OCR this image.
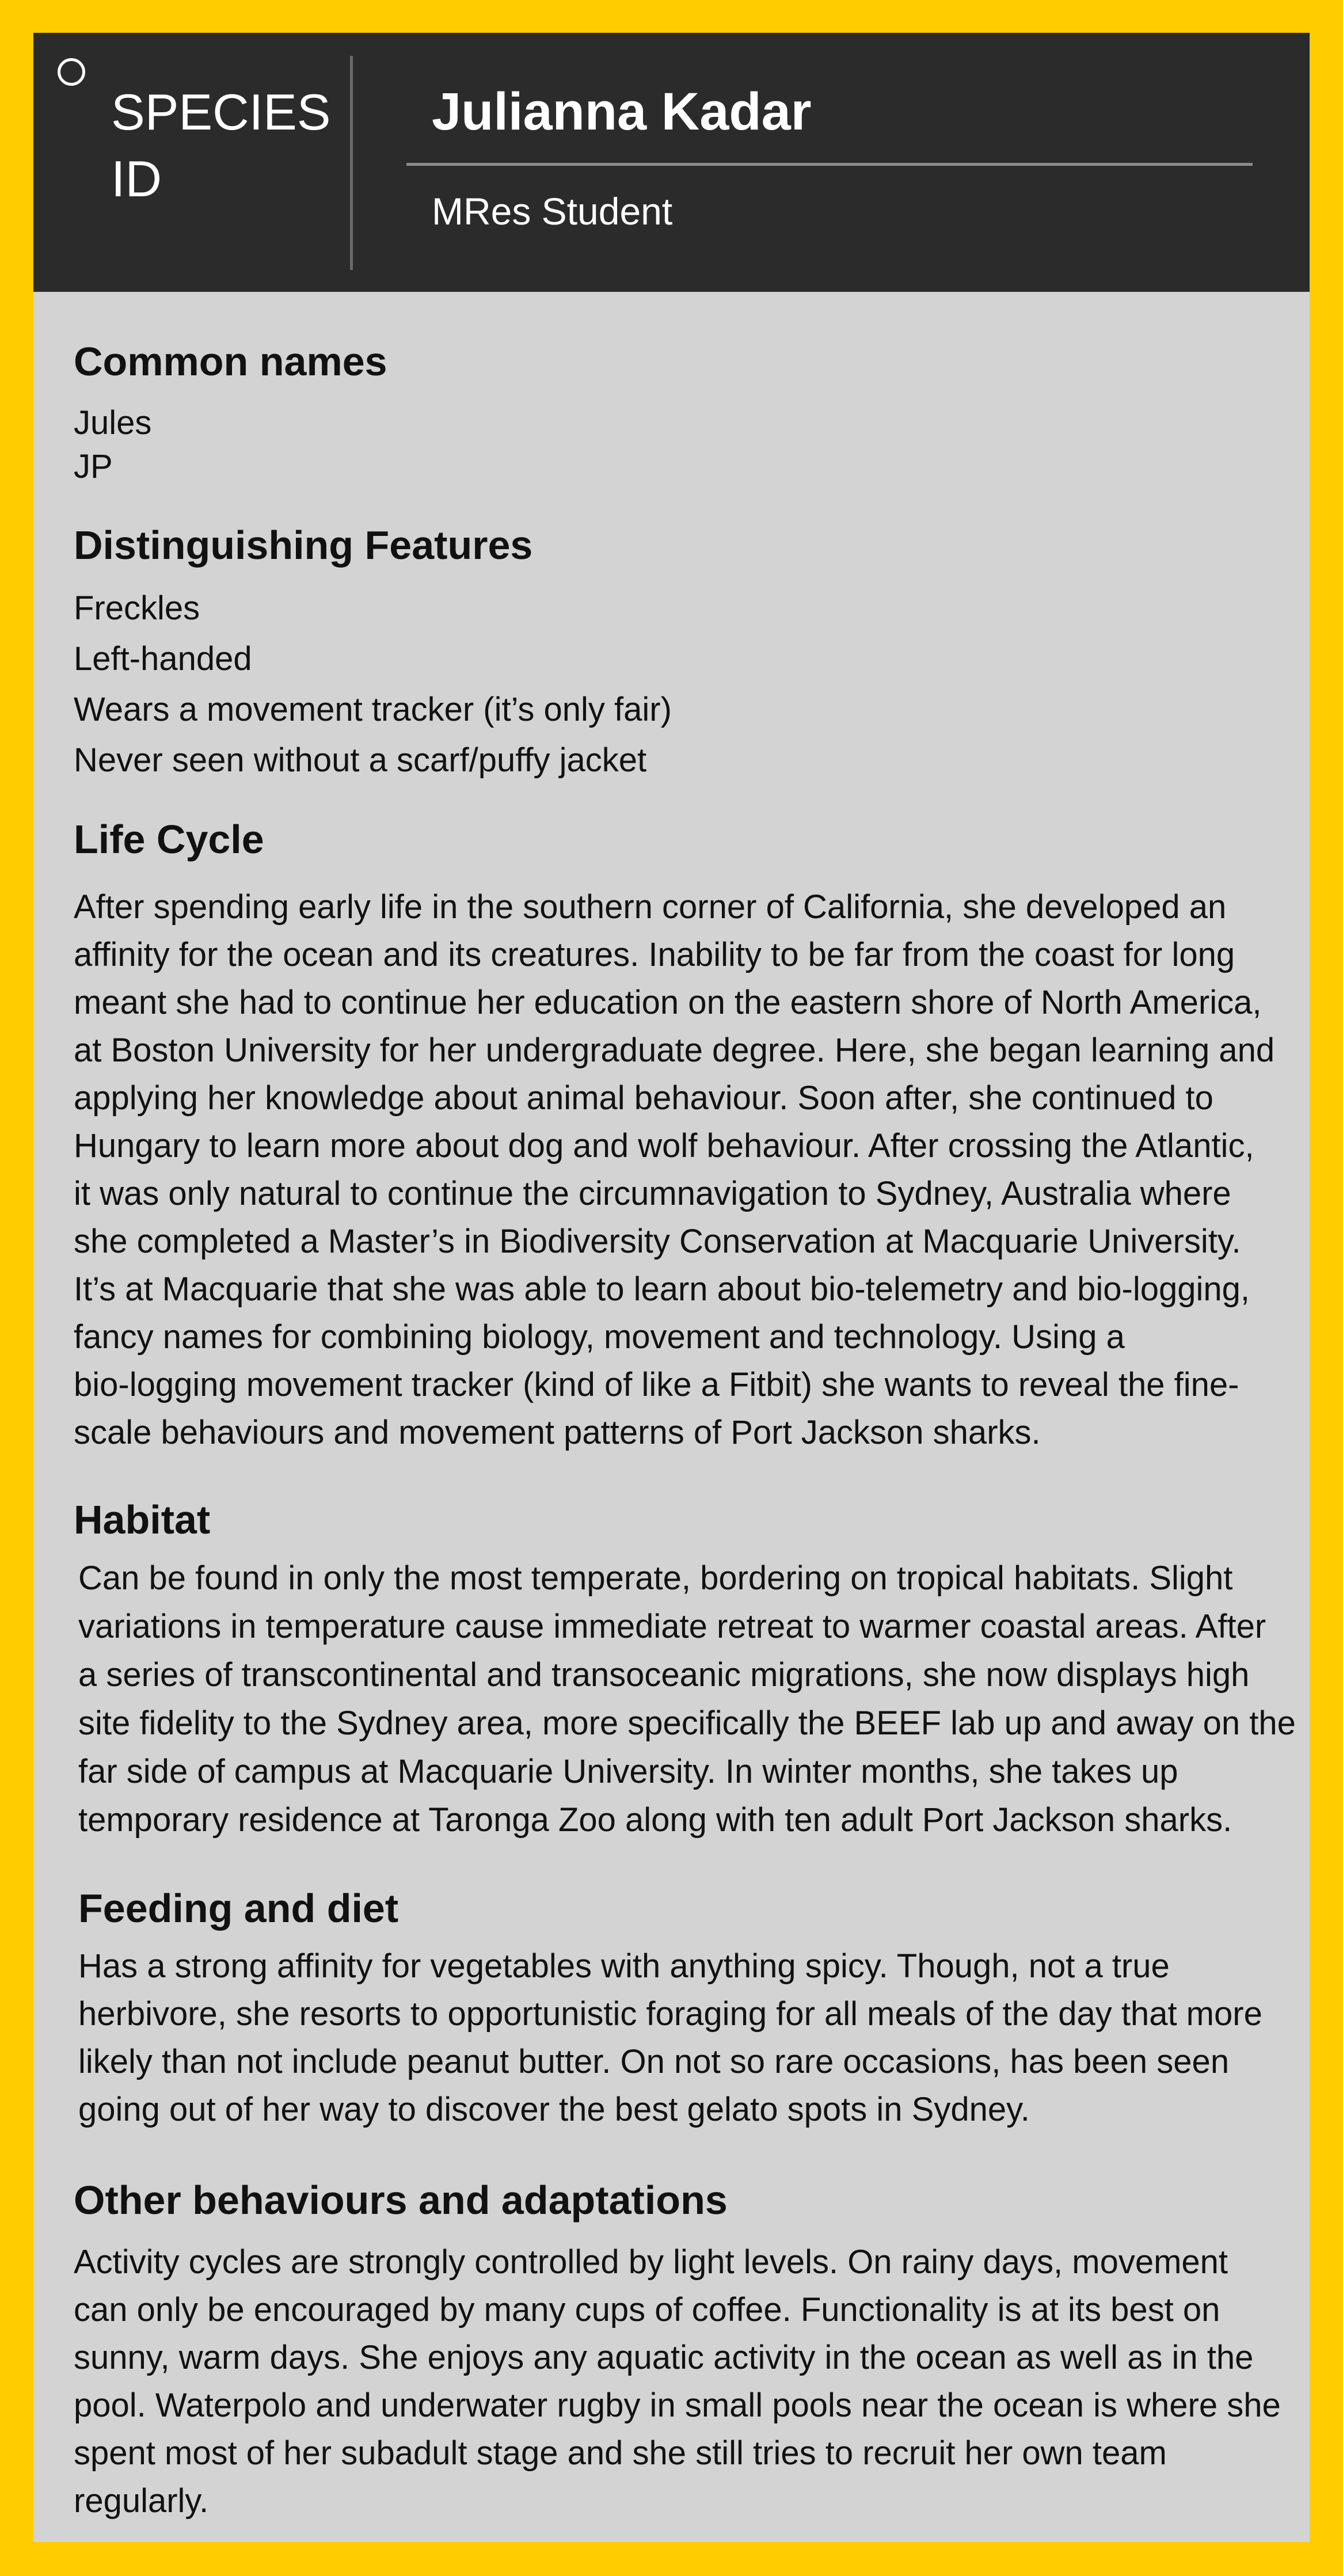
SPECIES
ID
Julianna Kadar
MRes Student
Common names
Jules
JP
Distinguishing Features
Freckles
Left-handed
Wears a movement tracker (it’s only fair)
Never seen without a scarf/puffy jacket
Life Cycle
After spending early life in the southern corner of California, she developed an
affinity for the ocean and its creatures. Inability to be far from the coast for long
meant she had to continue her education on the eastern shore of North America,
at Boston University for her undergraduate degree. Here, she began learning and
applying her knowledge about animal behaviour. Soon after, she continued to
Hungary to learn more about dog and wolf behaviour. After crossing the Atlantic,
it was only natural to continue the circumnavigation to Sydney, Australia where
she completed a Master’s in Biodiversity Conservation at Macquarie University.
It’s at Macquarie that she was able to learn about bio-telemetry and bio-logging,
fancy names for combining biology, movement and technology. Using a
bio-logging movement tracker (kind of like a Fitbit) she wants to reveal the fine-
scale behaviours and movement patterns of Port Jackson sharks.
Habitat
Can be found in only the most temperate, bordering on tropical habitats. Slight
variations in temperature cause immediate retreat to warmer coastal areas. After
a series of transcontinental and transoceanic migrations, she now displays high
site fidelity to the Sydney area, more specifically the BEEF lab up and away on the
far side of campus at Macquarie University. In winter months, she takes up
temporary residence at Taronga Zoo along with ten adult Port Jackson sharks.
Feeding and diet
Has a strong affinity for vegetables with anything spicy. Though, not a true
herbivore, she resorts to opportunistic foraging for all meals of the day that more
likely than not include peanut butter. On not so rare occasions, has been seen
going out of her way to discover the best gelato spots in Sydney.
Other behaviours and adaptations
Activity cycles are strongly controlled by light levels. On rainy days, movement
can only be encouraged by many cups of coffee. Functionality is at its best on
sunny, warm days. She enjoys any aquatic activity in the ocean as well as in the
pool. Waterpolo and underwater rugby in small pools near the ocean is where she
spent most of her subadult stage and she still tries to recruit her own team
regularly.
